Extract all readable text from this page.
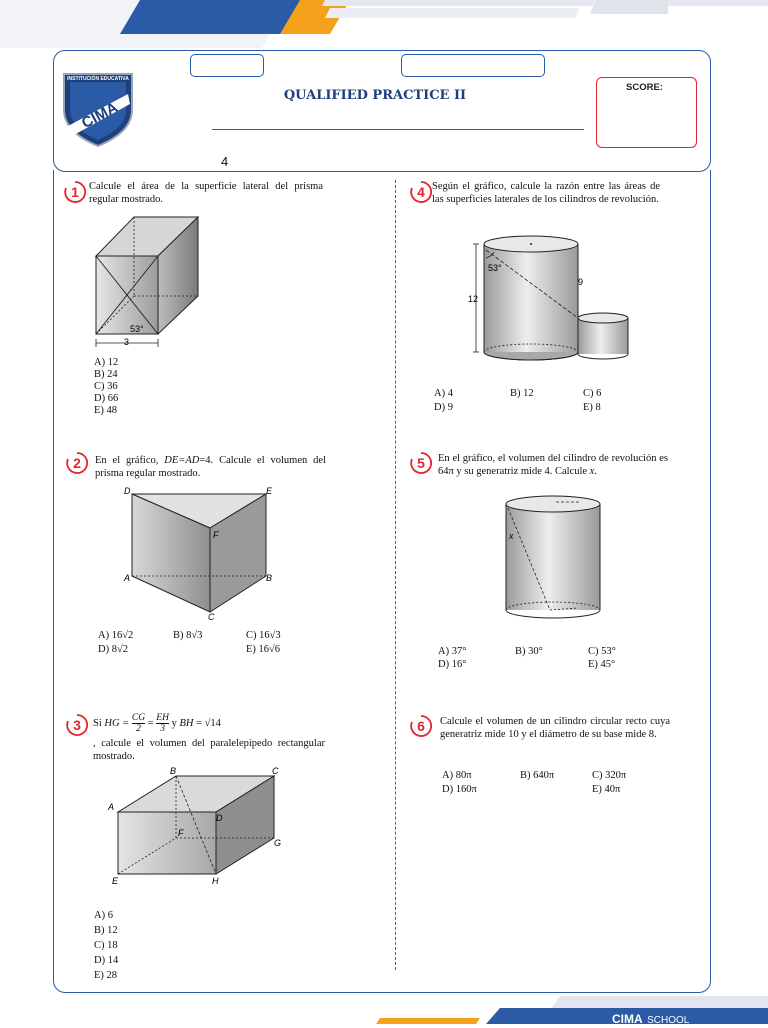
INSTITUCIÓN EDUCATIVA
CIMA
QUALIFIED PRACTICE II
SCORE:
4
1 Calcule el área de la superficie lateral del prisma regular mostrado.
53°
3
A) 12
B) 24
C) 36
D) 66
E) 48
2	En el gráfico, DE=AD=4. Calcule el volumen del prisma regular mostrado.
D	E
F
A	B
C
A) 16√2	B) 8√3	C) 16√3
D) 8√2	E) 16√6
3	Si HG = $\frac{CG}{2} = \frac{EH}{3}$ y BH = √14
, calcule el volumen del paralelepípedo rectangular mostrado.
A
B	C
D
E
F
G
H
A) 6
B) 12
C) 18
D) 14
E) 28
4 Según el gráfico, calcule la razón entre las áreas de las superficies laterales de los cilindros de revolución.
12
9
53°
A) 4	B) 12	C) 6
D) 9	E) 8
5	En el gráfico, el volumen del cilindro de revolución es 64π y su generatriz mide 4. Calcule x.
x
A) 37°	B) 30°	C) 53°
D) 16°	E) 45°
6	Calcule el volumen de un cilindro circular recto cuya generatriz mide 10 y el diámetro de su base mide 8.
A) 80π	B) 640π	C) 320π
D) 160π	E) 40π
CIMA SCHOOL
